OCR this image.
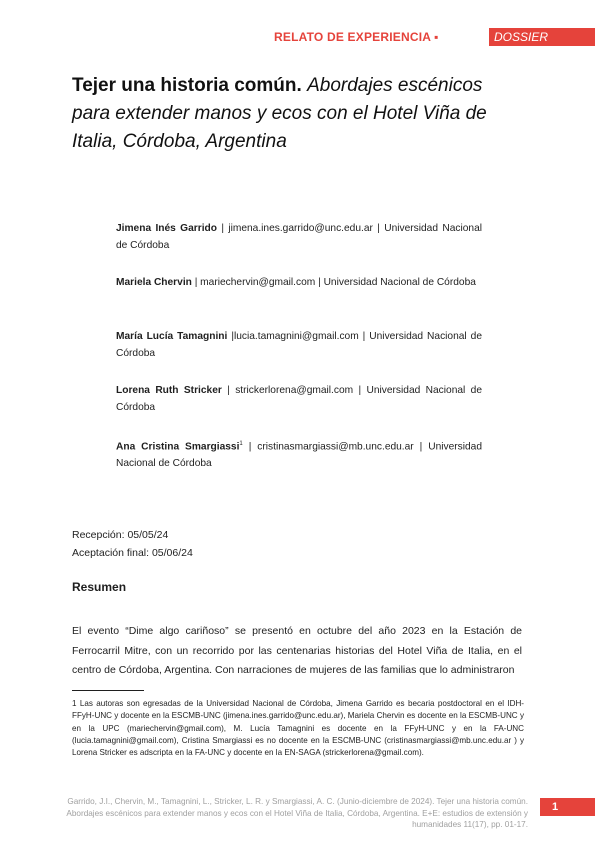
RELATO DE EXPERIENCIA ▪	DOSSIER
Tejer una historia común. Abordajes escénicos para extender manos y ecos con el Hotel Viña de Italia, Córdoba, Argentina
Jimena Inés Garrido | jimena.ines.garrido@unc.edu.ar | Universidad Nacional de Córdoba
Mariela Chervin | mariechervin@gmail.com | Universidad Nacional de Córdoba
María Lucía Tamagnini |lucia.tamagnini@gmail.com | Universidad Nacional de Córdoba
Lorena Ruth Stricker | strickerlorena@gmail.com | Universidad Nacional de Córdoba
Ana Cristina Smargiassi$^1$ | cristinasmargiassi@mb.unc.edu.ar | Universidad Nacional de Córdoba
Recepción: 05/05/24
Aceptación final: 05/06/24
Resumen
El evento “Dime algo cariñoso” se presentó en octubre del año 2023 en la Estación de Ferrocarril Mitre, con un recorrido por las centenarias historias del Hotel Viña de Italia, en el centro de Córdoba, Argentina. Con narraciones de mujeres de las familias que lo administraron
1 Las autoras son egresadas de la Universidad Nacional de Córdoba, Jimena Garrido es becaria postdoctoral en el IDH-FFyH-UNC y docente en la ESCMB-UNC (jimena.ines.garrido@unc.edu.ar), Mariela Chervin es docente en la ESCMB-UNC y en la UPC (mariechervin@gmail.com), M. Lucía Tamagnini es docente en la FFyH-UNC y en la FA-UNC (lucia.tamagnini@gmail.com), Cristina Smargiassi es no docente en la ESCMB-UNC (cristinasmargiassi@mb.unc.edu.ar ) y Lorena Stricker es adscripta en la FA-UNC y docente en la EN-SAGA (strickerlorena@gmail.com).
Garrido, J.I., Chervin, M., Tamagnini, L., Stricker, L. R. y Smargiassi, A. C. (Junio-diciembre de 2024). Tejer una historia común. Abordajes escénicos para extender manos y ecos con el Hotel Viña de Italia, Córdoba, Argentina. E+E: estudios de extensión y humanidades 11(17), pp. 01-17.
1
